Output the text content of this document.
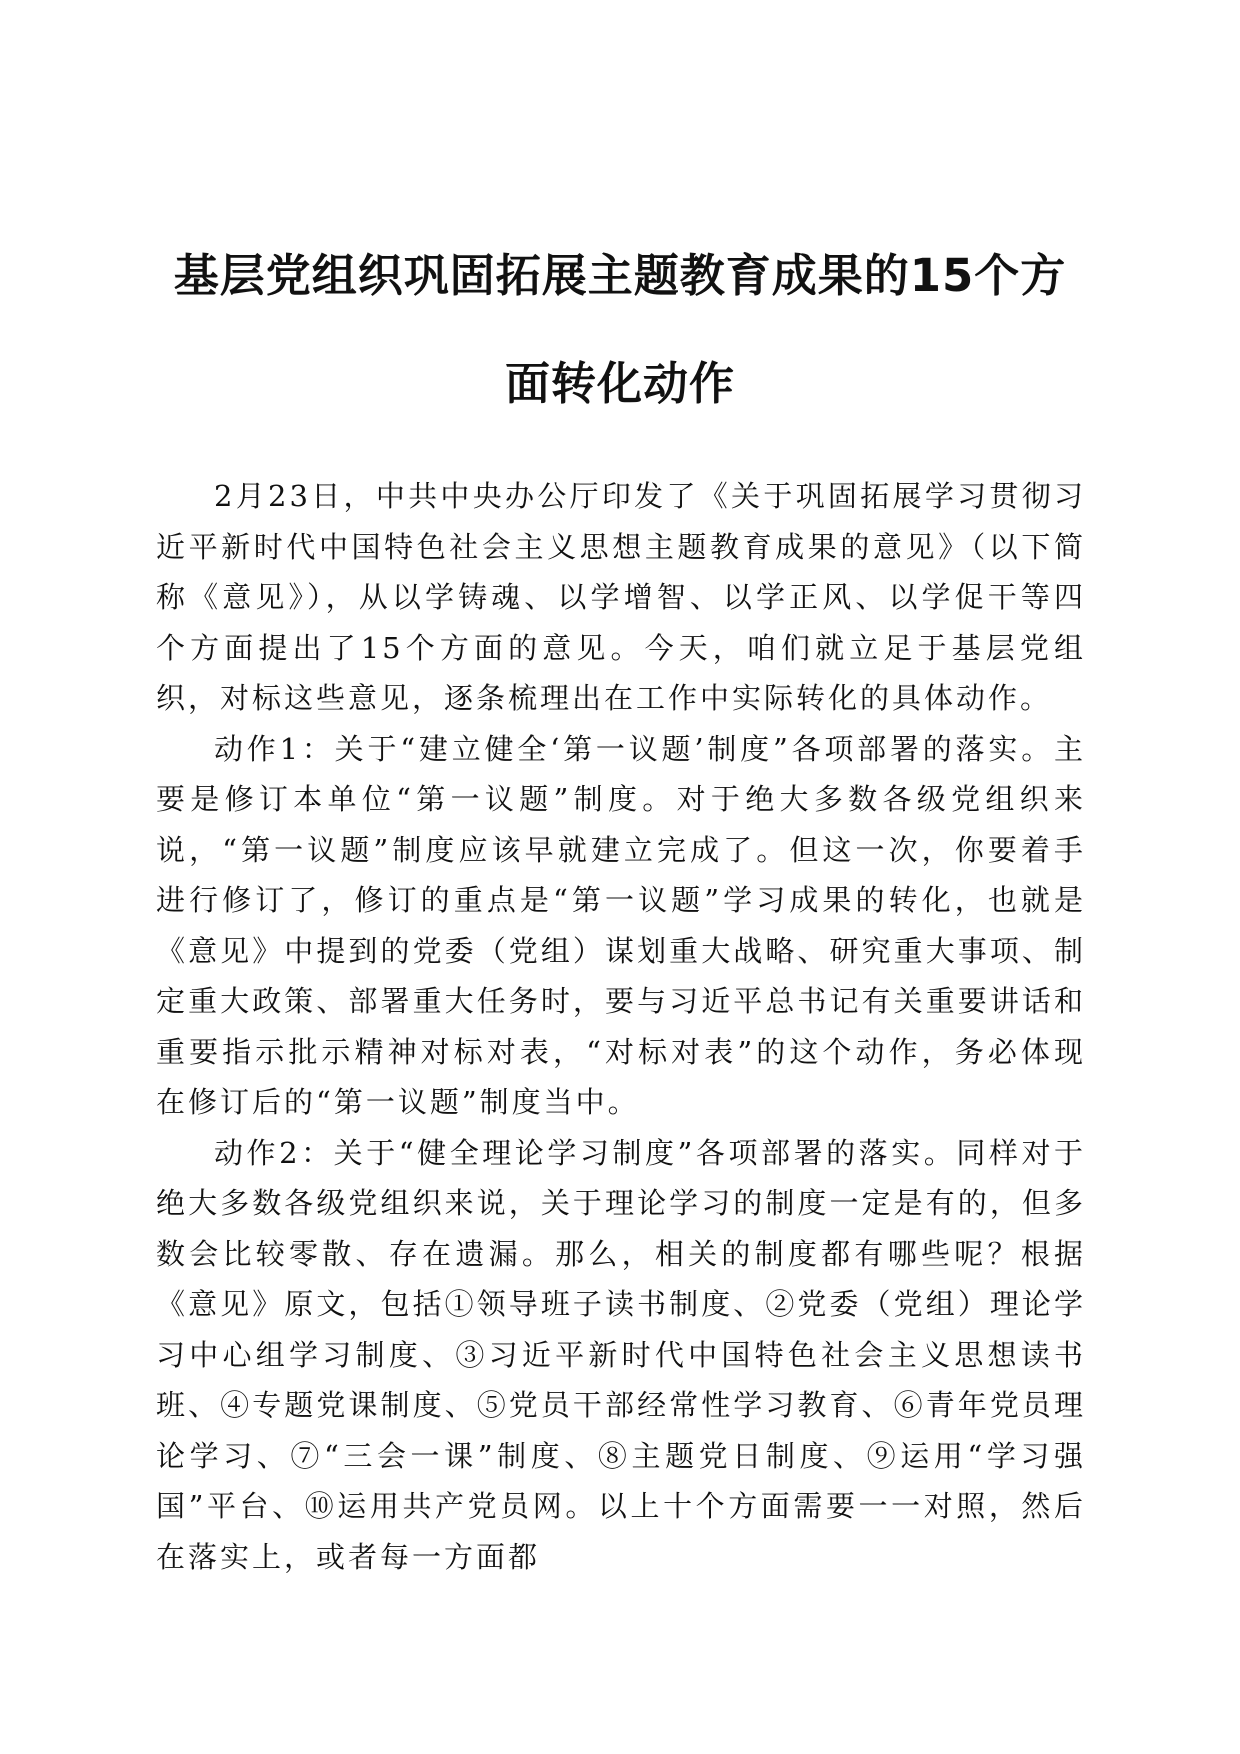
基层党组织巩固拓展主题教育成果的15个方
面转化动作

2月23日，中共中央办公厅印发了《关于巩固拓展学习贯彻习近平新时代中国特色社会主义思想主题教育成果的意见》（以下简称《意见》），从以学铸魂、以学增智、以学正风、以学促干等四个方面提出了15个方面的意见。今天，咱们就立足于基层党组织，对标这些意见，逐条梳理出在工作中实际转化的具体动作。

动作1：关于“建立健全‘第一议题’制度”各项部署的落实。主要是修订本单位“第一议题”制度。对于绝大多数各级党组织来说，“第一议题”制度应该早就建立完成了。但这一次，你要着手进行修订了，修订的重点是“第一议题”学习成果的转化，也就是《意见》中提到的党委（党组）谋划重大战略、研究重大事项、制定重大政策、部署重大任务时，要与习近平总书记有关重要讲话和重要指示批示精神对标对表，“对标对表”的这个动作，务必体现在修订后的“第一议题”制度当中。

动作2：关于“健全理论学习制度”各项部署的落实。同样对于绝大多数各级党组织来说，关于理论学习的制度一定是有的，但多数会比较零散、存在遗漏。那么，相关的制度都有哪些呢？根据《意见》原文，包括①领导班子读书制度、②党委（党组）理论学习中心组学习制度、③习近平新时代中国特色社会主义思想读书班、④专题党课制度、⑤党员干部经常性学习教育、⑥青年党员理论学习、⑦“三会一课”制度、⑧主题党日制度、⑨运用“学习强国”平台、⑩运用共产党员网。以上十个方面需要一一对照，然后在落实上，或者每一方面都
